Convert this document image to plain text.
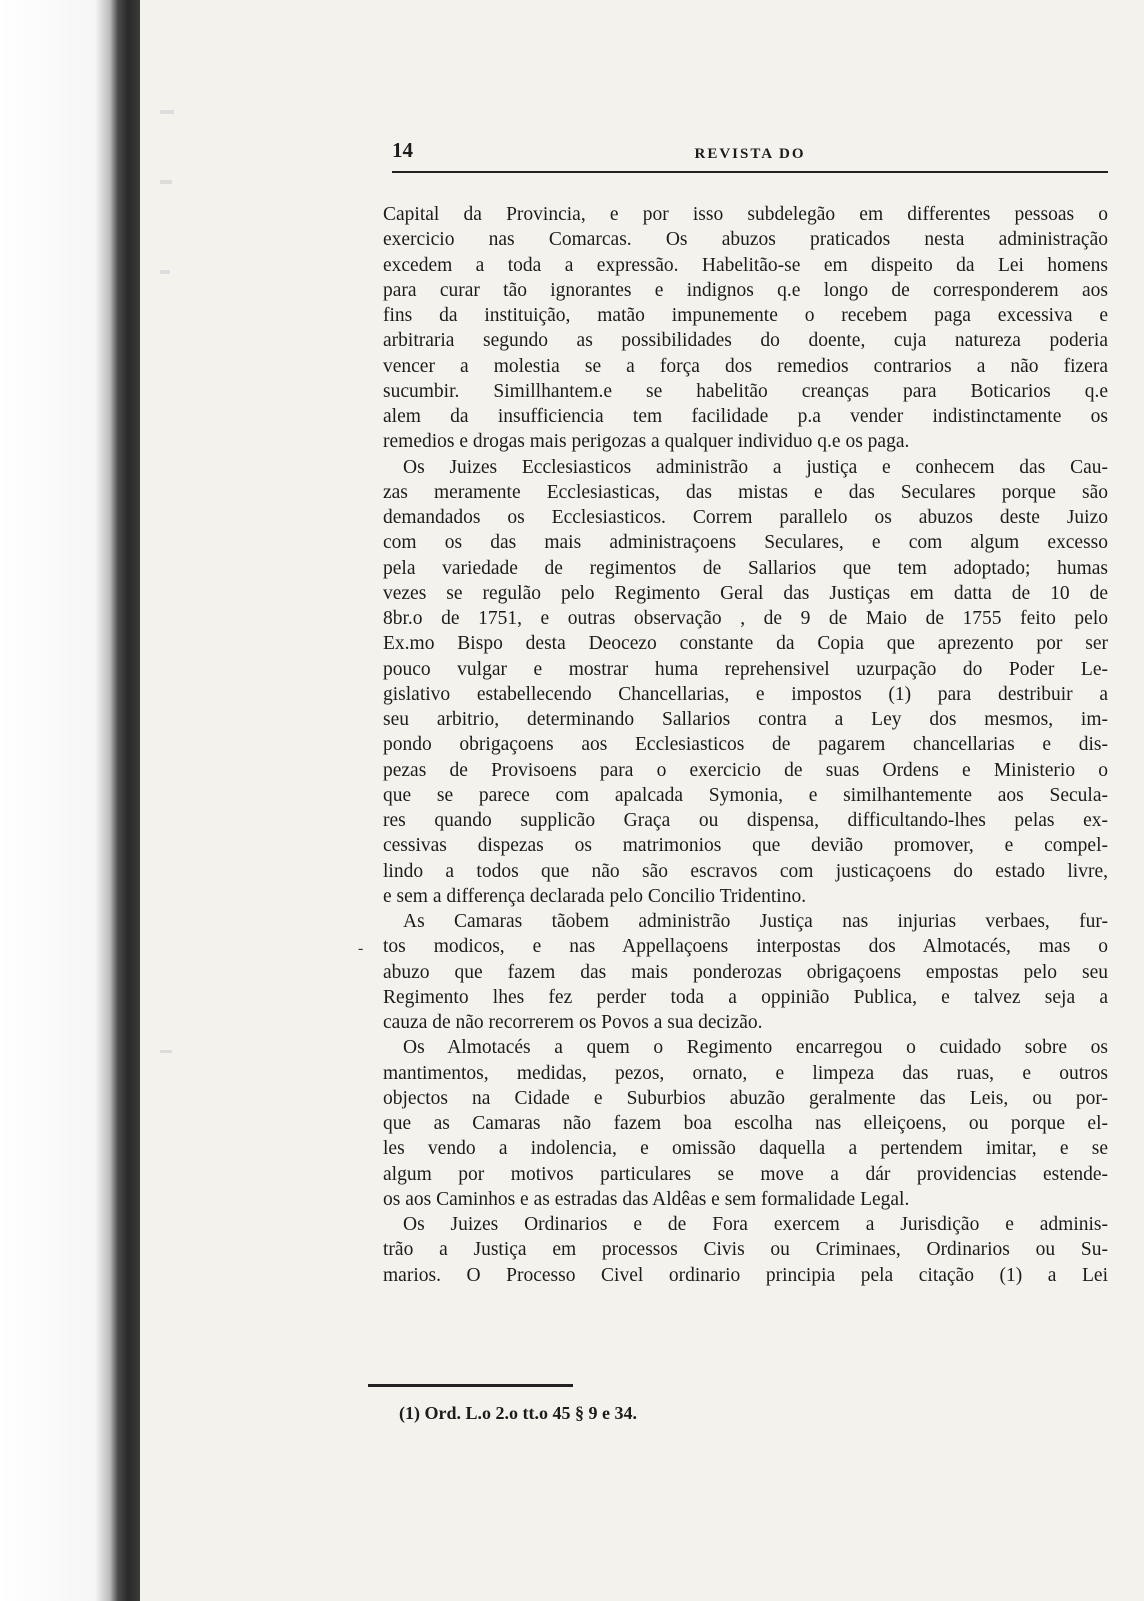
14	REVISTA DO
-
Capital da Provincia, e por isso subdelegão em differentes pessoas o
exercicio nas Comarcas. Os abuzos praticados nesta administração
excedem a toda a expressão. Habelitão-se em dispeito da Lei homens
para curar tão ignorantes e indignos q.e longo de corresponderem aos
fins da instituição, matão impunemente o recebem paga excessiva e
arbitraria segundo as possibilidades do doente, cuja natureza poderia
vencer a molestia se a força dos remedios contrarios a não fizera
sucumbir. Simillhantem.e se habelitão creanças para Boticarios q.e
alem da insufficiencia tem facilidade p.a vender indistinctamente os
remedios e drogas mais perigozas a qualquer individuo q.e os paga.
Os Juizes Ecclesiasticos administrão a justiça e conhecem das Cau-
zas meramente Ecclesiasticas, das mistas e das Seculares porque são
demandados os Ecclesiasticos. Correm parallelo os abuzos deste Juizo
com os das mais administraçoens Seculares, e com algum excesso
pela variedade de regimentos de Sallarios que tem adoptado; humas
vezes se regulão pelo Regimento Geral das Justiças em datta de 10 de
8br.o de 1751, e outras observação , de 9 de Maio de 1755 feito pelo
Ex.mo Bispo desta Deocezo constante da Copia que aprezento por ser
pouco vulgar e mostrar huma reprehensivel uzurpação do Poder Le-
gislativo estabellecendo Chancellarias, e impostos (1) para destribuir a
seu arbitrio, determinando Sallarios contra a Ley dos mesmos, im-
pondo obrigaçoens aos Ecclesiasticos de pagarem chancellarias e dis-
pezas de Provisoens para o exercicio de suas Ordens e Ministerio o
que se parece com apalcada Symonia, e similhantemente aos Secula-
res quando supplicão Graça ou dispensa, difficultando-lhes pelas ex-
cessivas dispezas os matrimonios que devião promover, e compel-
lindo a todos que não são escravos com justicaçoens do estado livre,
e sem a differença declarada pelo Concilio Tridentino.
As Camaras tãobem administrão Justiça nas injurias verbaes, fur-
tos modicos, e nas Appellaçoens interpostas dos Almotacés, mas o
abuzo que fazem das mais ponderozas obrigaçoens empostas pelo seu
Regimento lhes fez perder toda a oppinião Publica, e talvez seja a
cauza de não recorrerem os Povos a sua decizão.
Os Almotacés a quem o Regimento encarregou o cuidado sobre os
mantimentos, medidas, pezos, ornato, e limpeza das ruas, e outros
objectos na Cidade e Suburbios abuzão geralmente das Leis, ou por-
que as Camaras não fazem boa escolha nas elleiçoens, ou porque el-
les vendo a indolencia, e omissão daquella a pertendem imitar, e se
algum por motivos particulares se move a dár providencias estende-
os aos Caminhos e as estradas das Aldêas e sem formalidade Legal.
Os Juizes Ordinarios e de Fora exercem a Jurisdição e adminis-
trão a Justiça em processos Civis ou Criminaes, Ordinarios ou Su-
marios. O Processo Civel ordinario principia pela citação (1) a Lei
(1) Ord. L.o 2.o tt.o 45 § 9 e 34.
